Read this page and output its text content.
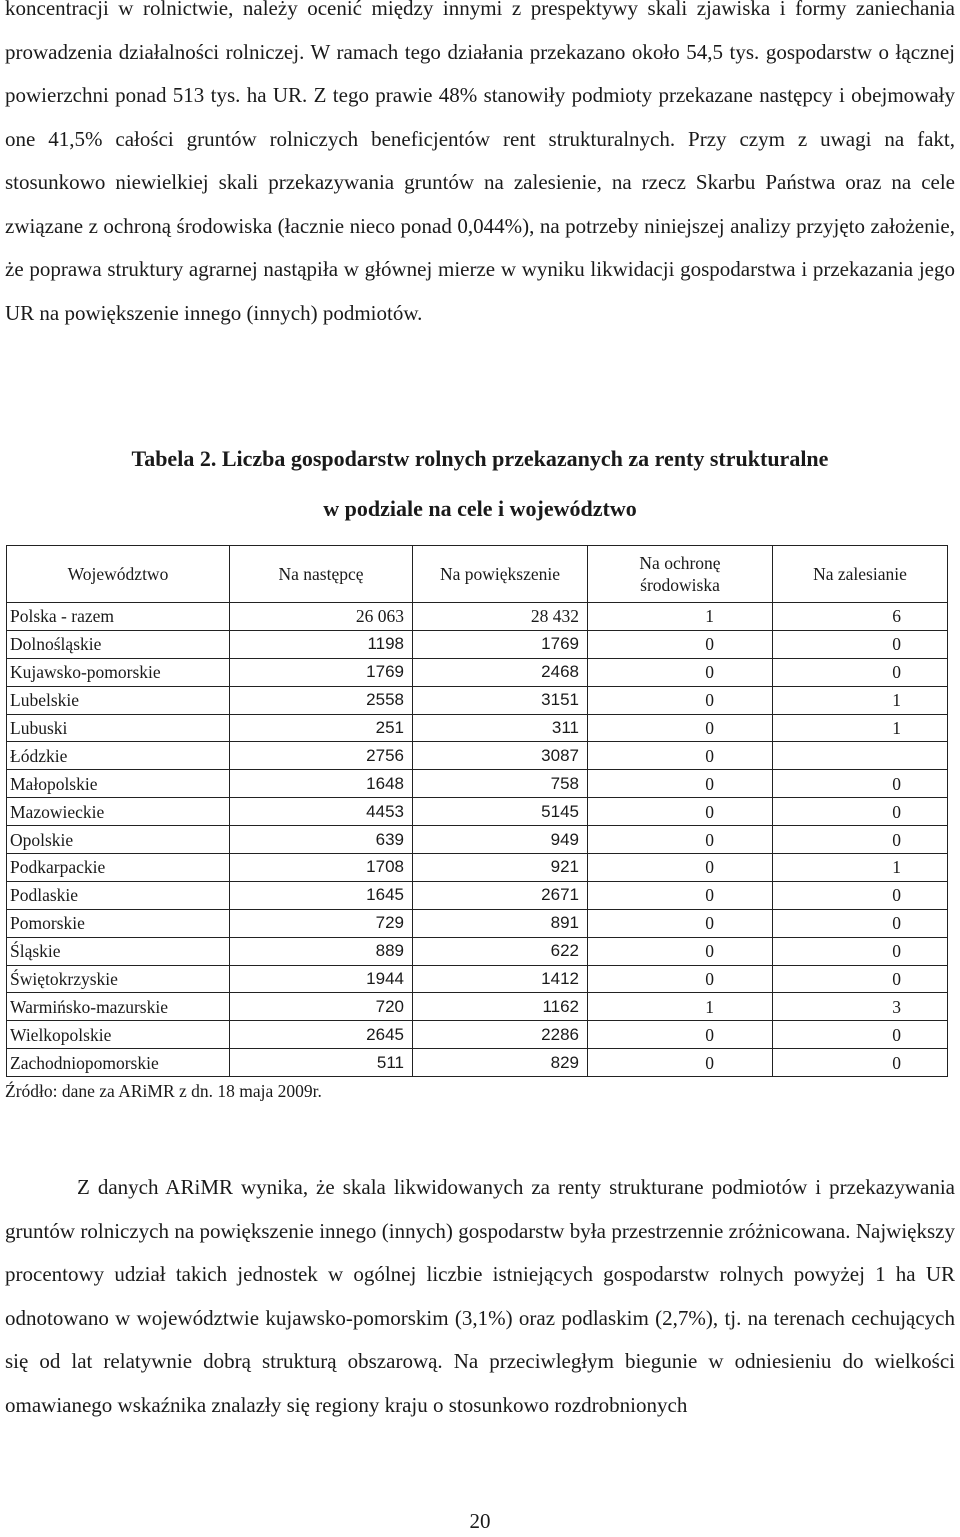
koncentracji w rolnictwie, należy ocenić między innymi z prespektywy skali zjawiska i formy zaniechania prowadzenia działalności rolniczej. W ramach tego działania przekazano około 54,5 tys. gospodarstw o łącznej powierzchni ponad 513 tys. ha UR. Z tego prawie 48% stanowiły podmioty przekazane następcy i obejmowały one 41,5% całości gruntów rolniczych beneficjentów rent strukturalnych. Przy czym z uwagi na fakt, stosunkowo niewielkiej skali przekazywania gruntów na zalesienie, na rzecz Skarbu Państwa oraz na cele związane z ochroną środowiska (łacznie nieco ponad 0,044%), na potrzeby niniejszej analizy przyjęto założenie, że poprawa struktury agrarnej nastąpiła w głównej mierze w wyniku likwidacji gospodarstwa i przekazania jego UR na powiększenie innego (innych) podmiotów.

Tabela 2. Liczba gospodarstw rolnych przekazanych za renty strukturalne

w podziale na cele i województwo

Województwo	Na następcę	Na powiększenie	Na ochronę środowiska	Na zalesianie
Polska - razem	26 063	28 432	1	6
Dolnośląskie	1198	1769	0	0
Kujawsko-pomorskie	1769	2468	0	0
Lubelskie	2558	3151	0	1
Lubuski	251	311	0	1
Łódzkie	2756	3087	0	
Małopolskie	1648	758	0	0
Mazowieckie	4453	5145	0	0
Opolskie	639	949	0	0
Podkarpackie	1708	921	0	1
Podlaskie	1645	2671	0	0
Pomorskie	729	891	0	0
Śląskie	889	622	0	0
Świętokrzyskie	1944	1412	0	0
Warmińsko-mazurskie	720	1162	1	3
Wielkopolskie	2645	2286	0	0
Zachodniopomorskie	511	829	0	0

Źródło: dane za ARiMR z dn. 18 maja 2009r.

Z danych ARiMR wynika, że skala likwidowanych za renty strukturane podmiotów i przekazywania gruntów rolniczych na powiększenie innego (innych) gospodarstw była przestrzennie zróżnicowana. Największy procentowy udział takich jednostek w ogólnej liczbie istniejących gospodarstw rolnych powyżej 1 ha UR odnotowano w województwie kujawsko-pomorskim (3,1%) oraz podlaskim (2,7%), tj. na terenach cechujących się od lat relatywnie dobrą strukturą obszarową. Na przeciwległym biegunie w odniesieniu do wielkości omawianego wskaźnika znalazły się regiony kraju o stosunkowo rozdrobnionych

20
